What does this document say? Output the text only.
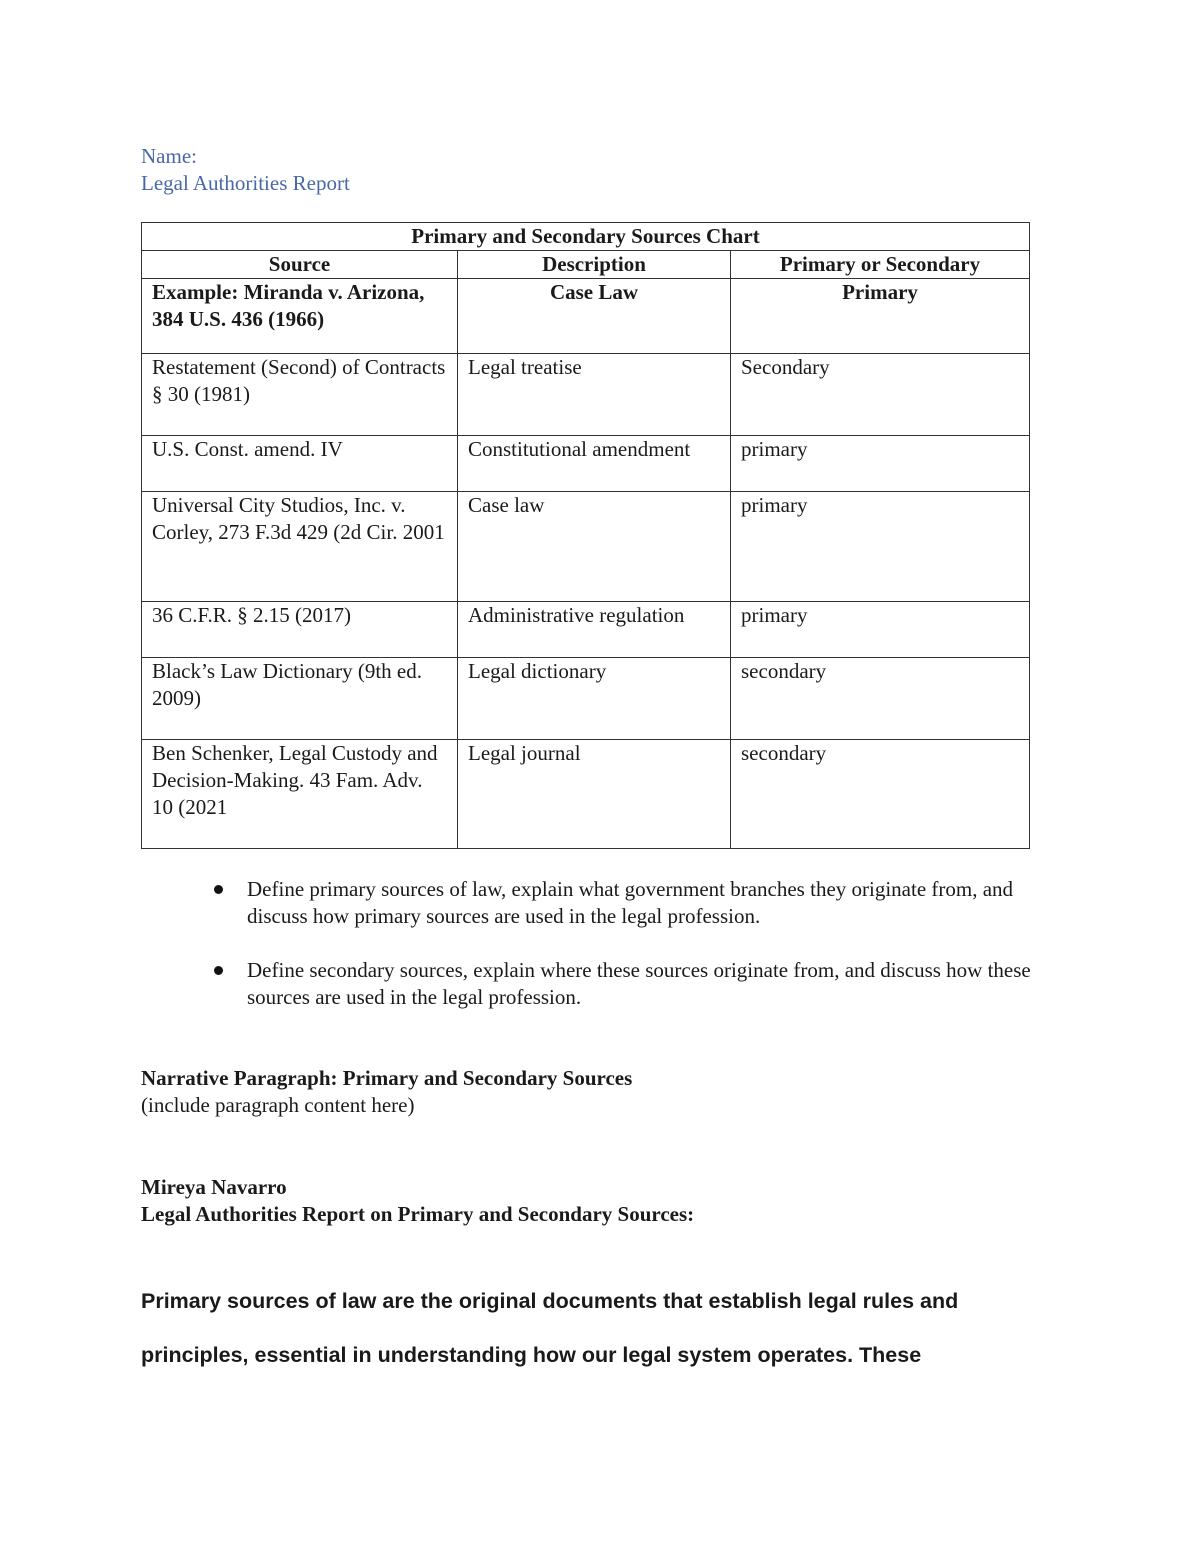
Name:
Legal Authorities Report
Primary and Secondary Sources Chart		
Source	Description	Primary or Secondary
Example: Miranda v. Arizona, 384 U.S. 436 (1966)	Case Law	Primary
Restatement (Second) of Contracts § 30 (1981)	Legal treatise	Secondary
U.S. Const. amend. IV	Constitutional amendment	primary
Universal City Studios, Inc. v. Corley, 273 F.3d 429 (2d Cir. 2001	Case law	primary
36 C.F.R. § 2.15 (2017)	Administrative regulation	primary
Black’s Law Dictionary (9th ed. 2009)	Legal dictionary	secondary
Ben Schenker, Legal Custody and Decision-Making. 43 Fam. Adv. 10 (2021	Legal journal	secondary
Define primary sources of law, explain what government branches they originate from, and discuss how primary sources are used in the legal profession.
Define secondary sources, explain where these sources originate from, and discuss how these sources are used in the legal profession.
Narrative Paragraph: Primary and Secondary Sources
(include paragraph content here)
Mireya Navarro
Legal Authorities Report on Primary and Secondary Sources:
Primary sources of law are the original documents that establish legal rules and principles, essential in understanding how our legal system operates. These
